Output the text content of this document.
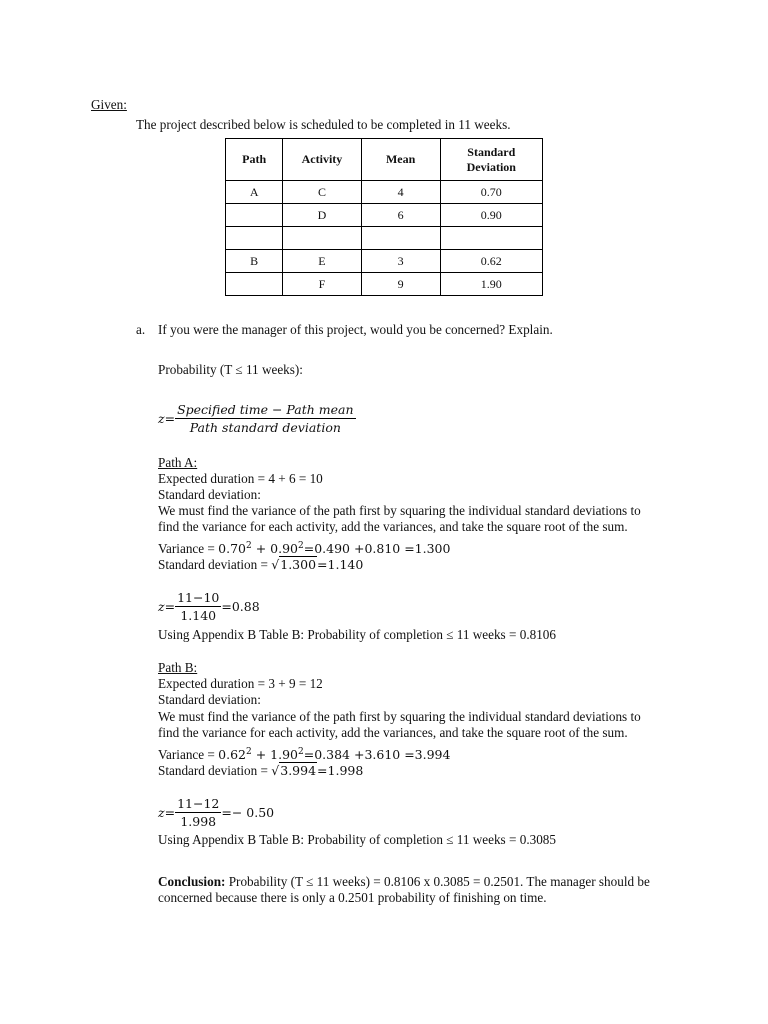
Given:
The project described below is scheduled to be completed in 11 weeks.
Path	Activity	Mean	Standard Deviation
A	C	4	0.70
	D	6	0.90

B	E	3	0.62
	F	9	1.90
a. If you were the manager of this project, would you be concerned? Explain.
Probability (T ≤ 11 weeks):
$z= \frac{\text{Specified time − Path mean}}{\text{Path standard deviation}}$
Path A:
Expected duration = 4 + 6 = 10
Standard deviation:
We must find the variance of the path first by squaring the individual standard deviations to
find the variance for each activity, add the variances, and take the square root of the sum.
Variance = $0.70^2 + 0.90^2=0.490 +0.810 =1.300$
Standard deviation = √1.300=1.140
$z= \frac{11-10}{1.140} =0.88$
Using Appendix B Table B: Probability of completion ≤ 11 weeks = 0.8106
Path B:
Expected duration = 3 + 9 = 12
Standard deviation:
We must find the variance of the path first by squaring the individual standard deviations to
find the variance for each activity, add the variances, and take the square root of the sum.
Variance = $0.62^2 + 1.90^2=0.384 +3.610 =3.994$
Standard deviation = √3.994=1.998
$z= \frac{11-12}{1.998} =- 0.50$
Using Appendix B Table B: Probability of completion ≤ 11 weeks = 0.3085
Conclusion: Probability (T ≤ 11 weeks) = 0.8106 x 0.3085 = 0.2501. The manager should be
concerned because there is only a 0.2501 probability of finishing on time.
